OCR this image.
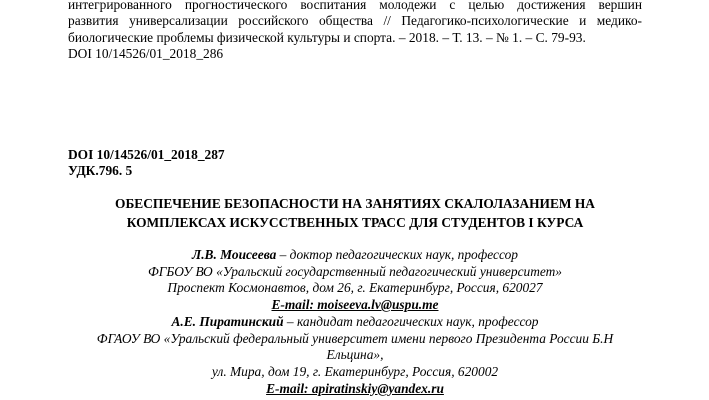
интегрированного прогностического воспитания молодежи с целью достижения вершин
развития универсализации российского общества // Педагогико-психологические и медико-
биологические проблемы физической культуры и спорта. – 2018. – Т. 13. – № 1. – С. 79-93.
DOI 10/14526/01_2018_286
DOI 10/14526/01_2018_287
УДК.796. 5
ОБЕСПЕЧЕНИЕ БЕЗОПАСНОСТИ НА ЗАНЯТИЯХ СКАЛОЛАЗАНИЕМ НА
КОМПЛЕКСАХ ИСКУССТВЕННЫХ ТРАСС ДЛЯ СТУДЕНТОВ I КУРСА
Л.В. Моисеева – доктор педагогических наук, профессор
ФГБОУ ВО «Уральский государственный педагогический университет»
Проспект Космонавтов, дом 26, г. Екатеринбург, Россия, 620027
E-mail: moiseeva.lv@uspu.me
А.Е. Пиратинский – кандидат педагогических наук, профессор
ФГАОУ ВО «Уральский федеральный университет имени первого Президента России Б.Н
Ельцина»,
ул. Мира, дом 19, г. Екатеринбург, Россия, 620002
E-mail: apiratinskiy@yandex.ru
